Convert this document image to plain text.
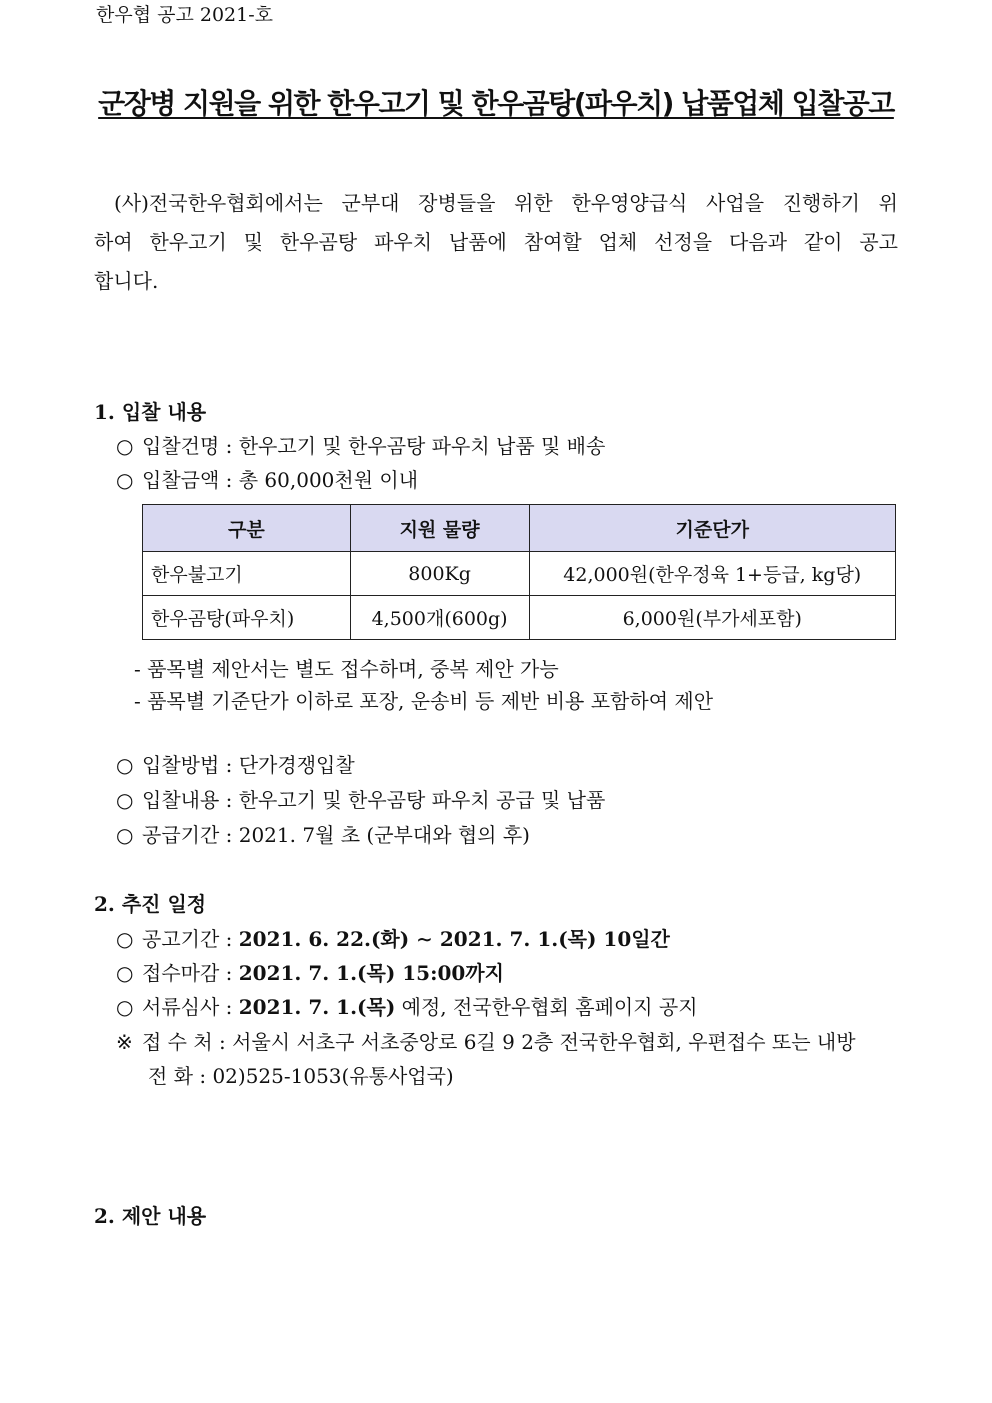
한우협 공고 2021-호
군장병 지원을 위한 한우고기 및 한우곰탕(파우치) 납품업체 입찰공고
(사)전국한우협회에서는 군부대 장병들을 위한 한우영양급식 사업을 진행하기 위
하여 한우고기 및 한우곰탕 파우치 납품에 참여할 업체 선정을 다음과 같이 공고
합니다.
1. 입찰 내용
○ 입찰건명 : 한우고기 및 한우곰탕 파우치 납품 및 배송
○ 입찰금액 : 총 60,000천원 이내
구분	지원 물량	기준단가
한우불고기	800Kg	42,000원(한우정육 1+등급, kg당)
한우곰탕(파우치)	4,500개(600g)	6,000원(부가세포함)
- 품목별 제안서는 별도 접수하며, 중복 제안 가능
- 품목별 기준단가 이하로 포장, 운송비 등 제반 비용 포함하여 제안
○ 입찰방법 : 단가경쟁입찰
○ 입찰내용 : 한우고기 및 한우곰탕 파우치 공급 및 납품
○ 공급기간 : 2021. 7월 초 (군부대와 협의 후)
2. 추진 일정
○ 공고기간 : 2021. 6. 22.(화) ∼ 2021. 7. 1.(목) 10일간
○ 접수마감 : 2021. 7. 1.(목) 15:00까지
○ 서류심사 : 2021. 7. 1.(목) 예정, 전국한우협회 홈페이지 공지
※ 접 수 처 : 서울시 서초구 서초중앙로 6길 9 2층 전국한우협회, 우편접수 또는 내방
전 화 : 02)525-1053(유통사업국)
2. 제안 내용
